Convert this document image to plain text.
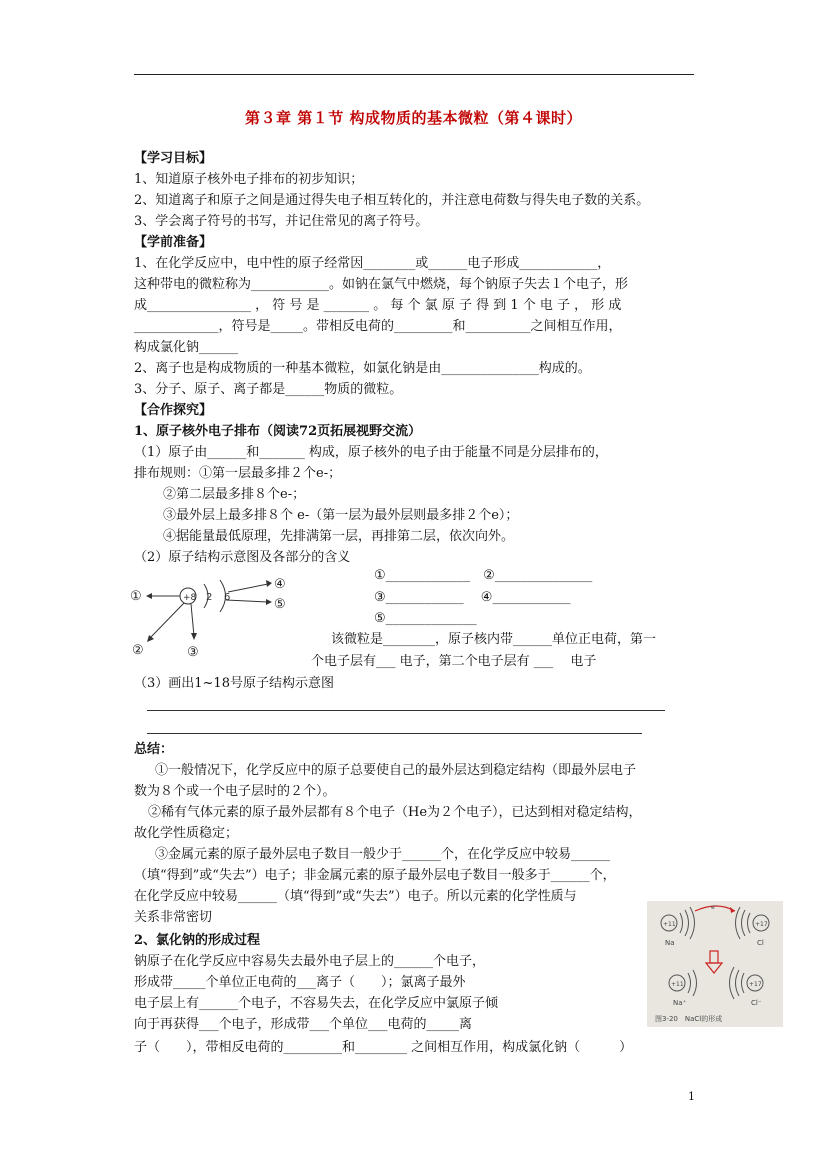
第３章 第１节 构成物质的基本微粒（第４课时）
【学习目标】
1、知道原子核外电子排布的初步知识；
2、知道离子和原子之间是通过得失电子相互转化的，并注意电荷数与得失电子数的关系。
3、学会离子符号的书写，并记住常见的离子符号。
【学前准备】
1、在化学反应中，电中性的原子经常因________或______电子形成____________，
这种带电的微粒称为____________。如钠在氯气中燃烧，每个钠原子失去１个电子，形
成________________ ， 符 号 是 _______ 。 每 个 氯 原 子 得 到 1 个 电 子 ， 形 成
_____________，符号是_____。带相反电荷的_________和__________之间相互作用，
构成氯化钠______
2、离子也是构成物质的一种基本微粒，如氯化钠是由_______________构成的。
3、分子、原子、离子都是______物质的微粒。
【合作探究】
1、原子核外电子排布（阅读72页拓展视野交流）
（1）原子由______和_______ 构成，原子核外的电子由于能量不同是分层排布的，
排布规则：①第一层最多排２个e-；
②第二层最多排８个e-；
③最外层上最多排８个 e-（第一层为最外层则最多排２个e）；
④据能量最低原理，先排满第一层，再排第二层，依次向外。
（2）原子结构示意图及各部分的含义
+8 2 6
①
②	③
④
⑤
①_____________　②_______________
③____________　 ④____________
⑤______________
该微粒是________，原子核内带______单位正电荷，第一
个电子层有___ 电子，第二个电子层有 ___ 　电子
（3）画出1~18号原子结构示意图
总结：
①一般情况下，化学反应中的原子总要使自己的最外层达到稳定结构（即最外层电子
数为８个或一个电子层时的２个）。
②稀有气体元素的原子最外层都有８个电子（He为２个电子），已达到相对稳定结构，
故化学性质稳定；
③金属元素的原子最外层电子数目一般少于______个，在化学反应中较易______
（填“得到”或“失去”）电子；非金属元素的原子最外层电子数目一般多于______个，
在化学反应中较易______（填“得到”或“失去”）电子。所以元素的化学性质与
关系非常密切
2、氯化钠的形成过程
钠原子在化学反应中容易失去最外电子层上的______个电子，
形成带_____个单位正电荷的___离子（　　）；氯离子最外
电子层上有______个电子，不容易失去，在化学反应中氯原子倾
向于再获得___个电子，形成带___个单位___电荷的_____离
子（　　），带相反电荷的_________和________ 之间相互作用，构成氯化钠（　　　）
+11
Na
+17
Cl
e⁻
+11
Na⁺
+17
Cl⁻
图3-20　NaCl的形成
1
